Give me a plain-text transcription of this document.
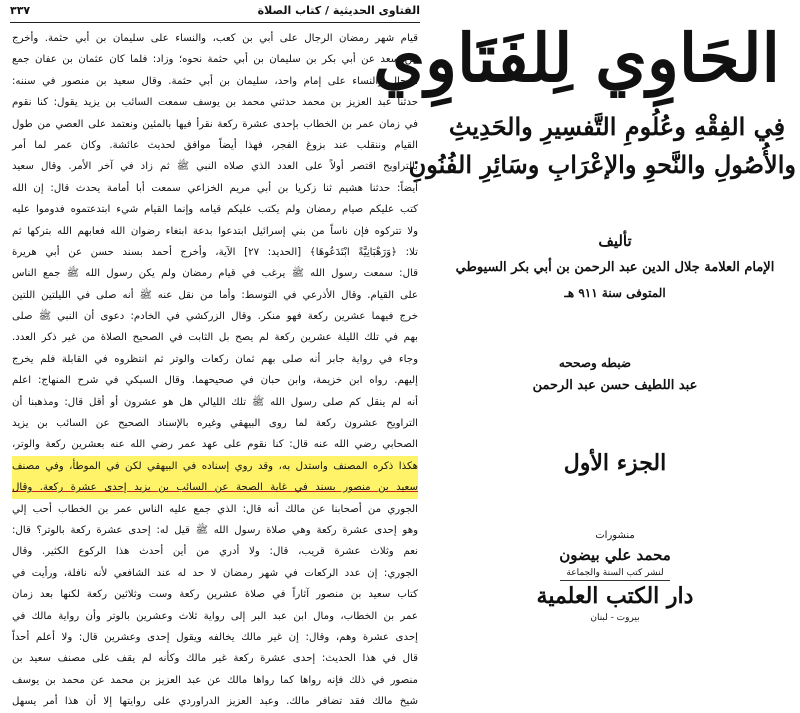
الفتاوى الحديثية / كتاب الصلاة
٣٣٧
قيام شهر رمضان الرجال على أبي بن كعب، والنساء على سليمان بن أبي حثمة. وأخرج
ابن سعد عن أبي بكر بن سليمان بن أبي حثمة نحوه؛ وزاد: فلما كان عثمان بن عفان جمع
الرجال والنساء على إمام واحد، سليمان بن أبي حثمة. وقال سعيد بن منصور في سننه:
حدثنا عبد العزيز بن محمد حدثني محمد بن يوسف سمعت السائب بن يزيد يقول: كنا نقوم
في زمان عمر بن الخطاب بإحدى عشرة ركعة نقرأ فيها بالمئين ونعتمد على العصي من طول
القيام وننقلب عند بزوغ الفجر، فهذا أيضاً موافق لحديث عائشة. وكان عمر لما أمر
بالتراويح اقتصر أولاً على العدد الذي صلاه النبي ﷺ ثم زاد في آخر الأمر. وقال سعيد
أيضاً: حدثنا هشيم ثنا زكريا بن أبي مريم الخزاعي سمعت أبا أمامة يحدث قال: إن الله
كتب عليكم صيام رمضان ولم يكتب عليكم قيامه وإنما القيام شيء ابتدعتموه فدوموا عليه
ولا تتركوه فإن ناساً من بني إسرائيل ابتدعوا بدعة ابتغاء رضوان الله فعابهم الله بتركها ثم
تلا: ﴿وَرَهْبَانِيَّةً ابْتَدَعُوهَا﴾ [الحديد: ٢٧] الآية، وأخرج أحمد بسند حسن عن أبي هريرة
قال: سمعت رسول الله ﷺ يرغب في قيام رمضان ولم يكن رسول الله ﷺ جمع الناس
على القيام. وقال الأذرعي في التوسط: وأما من نقل عنه ﷺ أنه صلى في الليلتين اللتين
خرج فيهما عشرين ركعة فهو منكر. وقال الزركشي في الخادم: دعوى أن النبي ﷺ صلى
بهم في تلك الليلة عشرين ركعة لم يصح بل الثابت في الصحيح الصلاة من غير ذكر العدد.
وجاء في رواية جابر أنه صلى بهم ثمان ركعات والوتر ثم انتظروه في القابلة فلم يخرج
إليهم. رواه ابن خزيمة، وابن حبان في صحيحهما. وقال السبكي في شرح المنهاج: اعلم
أنه لم ينقل كم صلى رسول الله ﷺ تلك الليالي هل هو عشرون أو أقل قال: ومذهبنا أن
التراويح عشرون ركعة لما روى البيهقي وغيره بالإسناد الصحيح عن السائب بن يزيد
الصحابي رضي الله عنه قال: كنا نقوم على عهد عمر رضي الله عنه بعشرين ركعة والوتر،
هكذا ذكره المصنف واستدل به، وقد روي إسناده في البيهقي لكن في الموطأ، وفي مصنف
سعيد بن منصور بسند في غاية الصحة عن السائب بن يزيد إحدى عشرة ركعة. وقال
الجوري من أصحابنا عن مالك أنه قال: الذي جمع عليه الناس عمر بن الخطاب أحب إلي
وهو إحدى عشرة ركعة وهي صلاة رسول الله ﷺ قيل له: إحدى عشرة ركعة بالوتر؟ قال:
نعم وثلاث عشرة قريب، قال: ولا أدري من أين أحدث هذا الركوع الكثير. وقال
الجوري: إن عدد الركعات في شهر رمضان لا حد له عند الشافعي لأنه نافلة، ورأيت في
كتاب سعيد بن منصور آثاراً في صلاة عشرين ركعة وست وثلاثين ركعة لكنها بعد زمان
عمر بن الخطاب، ومال ابن عبد البر إلى رواية ثلاث وعشرين بالوتر وأن رواية مالك في
إحدى عشرة وهم، وقال: إن غير مالك يخالفه ويقول إحدى وعشرين قال: ولا أعلم أحداً
قال في هذا الحديث: إحدى عشرة ركعة غير مالك وكأنه لم يقف على مصنف سعيد بن
منصور في ذلك فإنه رواها كما رواها مالك عن عبد العزيز بن محمد عن محمد بن يوسف
شيخ مالك فقد تضافر مالك. وعبد العزيز الدراوردي على روايتها إلا أن هذا أمر يسهل
الحَاوِي لِلفَتَاوِي
فِي الفِقْهِ وعُلُومِ التَّفسِيرِ والحَدِيثِ
والأُصُولِ والنَّحوِ والإعْرَابِ وسَائِرِ الفُنُونِ
تأليف
الإمام العلامة جلال الدين عبد الرحمن بن أبي بكر السيوطي
المتوفى سنة ٩١١ هـ
ضبطه وصححه
عبد اللطيف حسن عبد الرحمن
الجزء الأول
منشورات
محمد علي بيضون
لنشر كتب السنة والجماعة
دار الكتب العلمية
بيروت - لبنان
